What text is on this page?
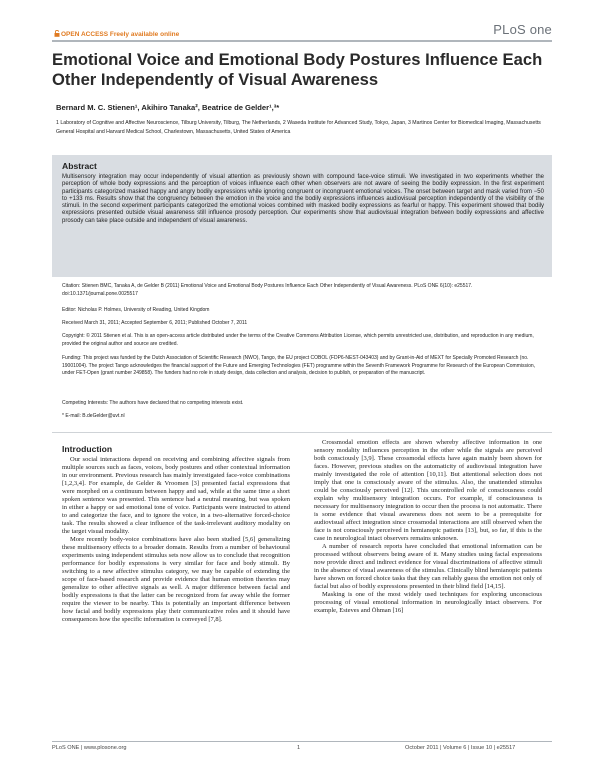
OPEN ACCESS Freely available online	PLoS one
Emotional Voice and Emotional Body Postures Influence Each Other Independently of Visual Awareness
Bernard M. C. Stienen¹, Akihiro Tanaka², Beatrice de Gelder¹,³*
1 Laboratory of Cognitive and Affective Neuroscience, Tilburg University, Tilburg, The Netherlands, 2 Waseda Institute for Advanced Study, Tokyo, Japan, 3 Martinos Center for Biomedical Imaging, Massachusetts General Hospital and Harvard Medical School, Charlestown, Massachusetts, United States of America
Abstract
Multisensory integration may occur independently of visual attention as previously shown with compound face-voice stimuli. We investigated in two experiments whether the perception of whole body expressions and the perception of voices influence each other when observers are not aware of seeing the bodily expression. In the first experiment participants categorized masked happy and angry bodily expressions while ignoring congruent or incongruent emotional voices. The onset between target and mask varied from −50 to +133 ms. Results show that the congruency between the emotion in the voice and the bodily expressions influences audiovisual perception independently of the visibility of the stimuli. In the second experiment participants categorized the emotional voices combined with masked bodily expressions as fearful or happy. This experiment showed that bodily expressions presented outside visual awareness still influence prosody perception. Our experiments show that audiovisual integration between bodily expressions and affective prosody can take place outside and independent of visual awareness.
Citation: Stienen BMC, Tanaka A, de Gelder B (2011) Emotional Voice and Emotional Body Postures Influence Each Other Independently of Visual Awareness. PLoS ONE 6(10): e25517. doi:10.1371/journal.pone.0025517
Editor: Nicholas P. Holmes, University of Reading, United Kingdom
Received March 31, 2011; Accepted September 6, 2011; Published October 7, 2011
Copyright: © 2011 Stienen et al. This is an open-access article distributed under the terms of the Creative Commons Attribution License, which permits unrestricted use, distribution, and reproduction in any medium, provided the original author and source are credited.
Funding: This project was funded by the Dutch Association of Scientific Research (NWO), Tango, the EU project COBOL (FDP6-NEST-043403) and by Grant-in-Aid of MEXT for Specially Promoted Research (no. 19001004). The project Tango acknowledges the financial support of the Future and Emerging Technologies (FET) programme within the Seventh Framework Programme for Research of the European Commission, under FET-Open (grant number 249858). The funders had no role in study design, data collection and analysis, decision to publish, or preparation of the manuscript.
Competing Interests: The authors have declared that no competing interests exist.
* E-mail: B.deGelder@uvt.nl
Introduction

Our social interactions depend on receiving and combining affective signals from multiple sources such as faces, voices, body postures and other contextual information in our environment. Previous research has mainly investigated face-voice combinations [1,2,3,4]. For example, de Gelder & Vroomen [3] presented facial expressions that were morphed on a continuum between happy and sad, while at the same time a short spoken sentence was presented. This sentence had a neutral meaning, but was spoken in either a happy or sad emotional tone of voice. Participants were instructed to attend to and categorize the face, and to ignore the voice, in a two-alternative forced-choice task. The results showed a clear influence of the task-irrelevant auditory modality on the target visual modality.

More recently body-voice combinations have also been studied [5,6] generalizing these multisensory effects to a broader domain. Results from a number of behavioural experiments using independent stimulus sets now allow us to conclude that recognition performance for bodily expressions is very similar for face and body stimuli. By switching to a new affective stimulus category, we may be capable of extending the scope of face-based research and provide evidence that human emotion theories may generalize to other affective signals as well. A major difference between facial and bodily expressions is that the latter can be recognized from far away while the former require the viewer to be nearby. This is potentially an important difference between how facial and bodily expressions play their communicative roles and it should have consequences how the specific information is conveyed [7,8].

Crossmodal emotion effects are shown whereby affective information in one sensory modality influences perception in the other while the signals are perceived both consciously [3,9]. These crossmodal effects have again mainly been shown for faces. However, previous studies on the automaticity of audiovisual integration have mainly investigated the role of attention [10,11]. But attentional selection does not imply that one is consciously aware of the stimulus. Also, the unattended stimulus could be consciously perceived [12]. This uncontrolled role of consciousness could explain why multisensory integration occurs. For example, if consciousness is necessary for multisensory integration to occur then the process is not automatic. There is some evidence that visual awareness does not seem to be a prerequisite for audiovisual affect integration since crossmodal interactions are still observed when the face is not consciously perceived in hemianopic patients [13], but, so far, if this is the case in neurological intact observers remains unknown.

A number of research reports have concluded that emotional information can be processed without observers being aware of it. Many studies using facial expressions now provide direct and indirect evidence for visual discriminations of affective stimuli in the absence of visual awareness of the stimulus. Clinically blind hemianopic patients have shown on forced choice tasks that they can reliably guess the emotion not only of facial but also of bodily expressions presented in their blind field [14,15].

Masking is one of the most widely used techniques for exploring unconscious processing of visual emotional information in neurologically intact observers. For example, Esteves and Öhman [16]

PLoS ONE | www.plosone.org	1	October 2011 | Volume 6 | Issue 10 | e25517
